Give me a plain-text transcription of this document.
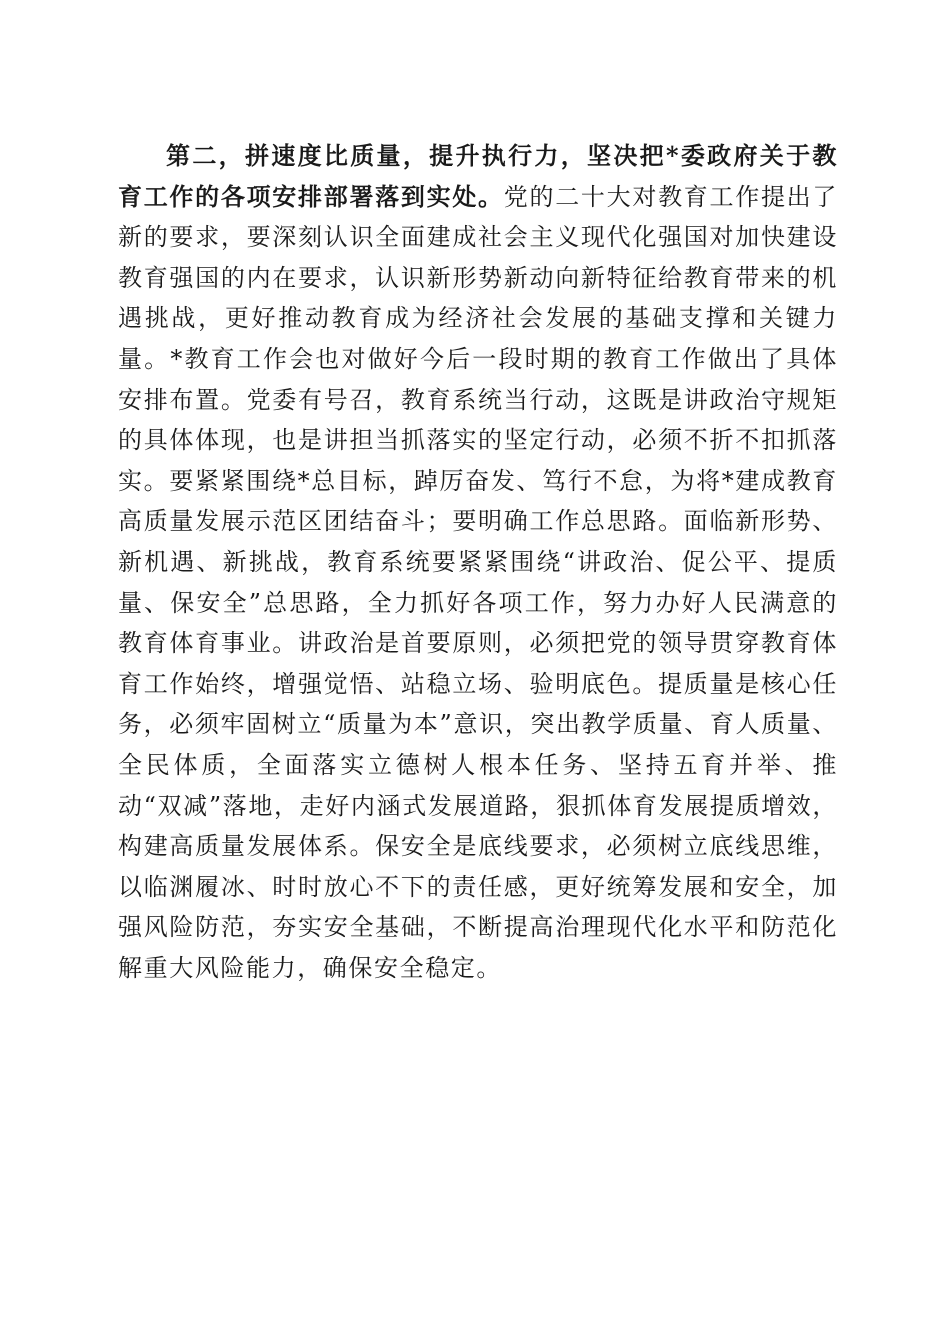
第二，拼速度比质量，提升执行力，坚决把*委政府关于教育工作的各项安排部署落到实处。党的二十大对教育工作提出了新的要求，要深刻认识全面建成社会主义现代化强国对加快建设教育强国的内在要求，认识新形势新动向新特征给教育带来的机遇挑战，更好推动教育成为经济社会发展的基础支撑和关键力量。*教育工作会也对做好今后一段时期的教育工作做出了具体安排布置。党委有号召，教育系统当行动，这既是讲政治守规矩的具体体现，也是讲担当抓落实的坚定行动，必须不折不扣抓落实。要紧紧围绕*总目标，踔厉奋发、笃行不怠，为将*建成教育高质量发展示范区团结奋斗；要明确工作总思路。面临新形势、新机遇、新挑战，教育系统要紧紧围绕“讲政治、促公平、提质量、保安全”总思路，全力抓好各项工作，努力办好人民满意的教育体育事业。讲政治是首要原则，必须把党的领导贯穿教育体育工作始终，增强觉悟、站稳立场、验明底色。提质量是核心任务，必须牢固树立“质量为本”意识，突出教学质量、育人质量、全民体质，全面落实立德树人根本任务、坚持五育并举、推动“双减”落地，走好内涵式发展道路，狠抓体育发展提质增效，构建高质量发展体系。保安全是底线要求，必须树立底线思维，以临渊履冰、时时放心不下的责任感，更好统筹发展和安全，加强风险防范，夯实安全基础，不断提高治理现代化水平和防范化解重大风险能力，确保安全稳定。
